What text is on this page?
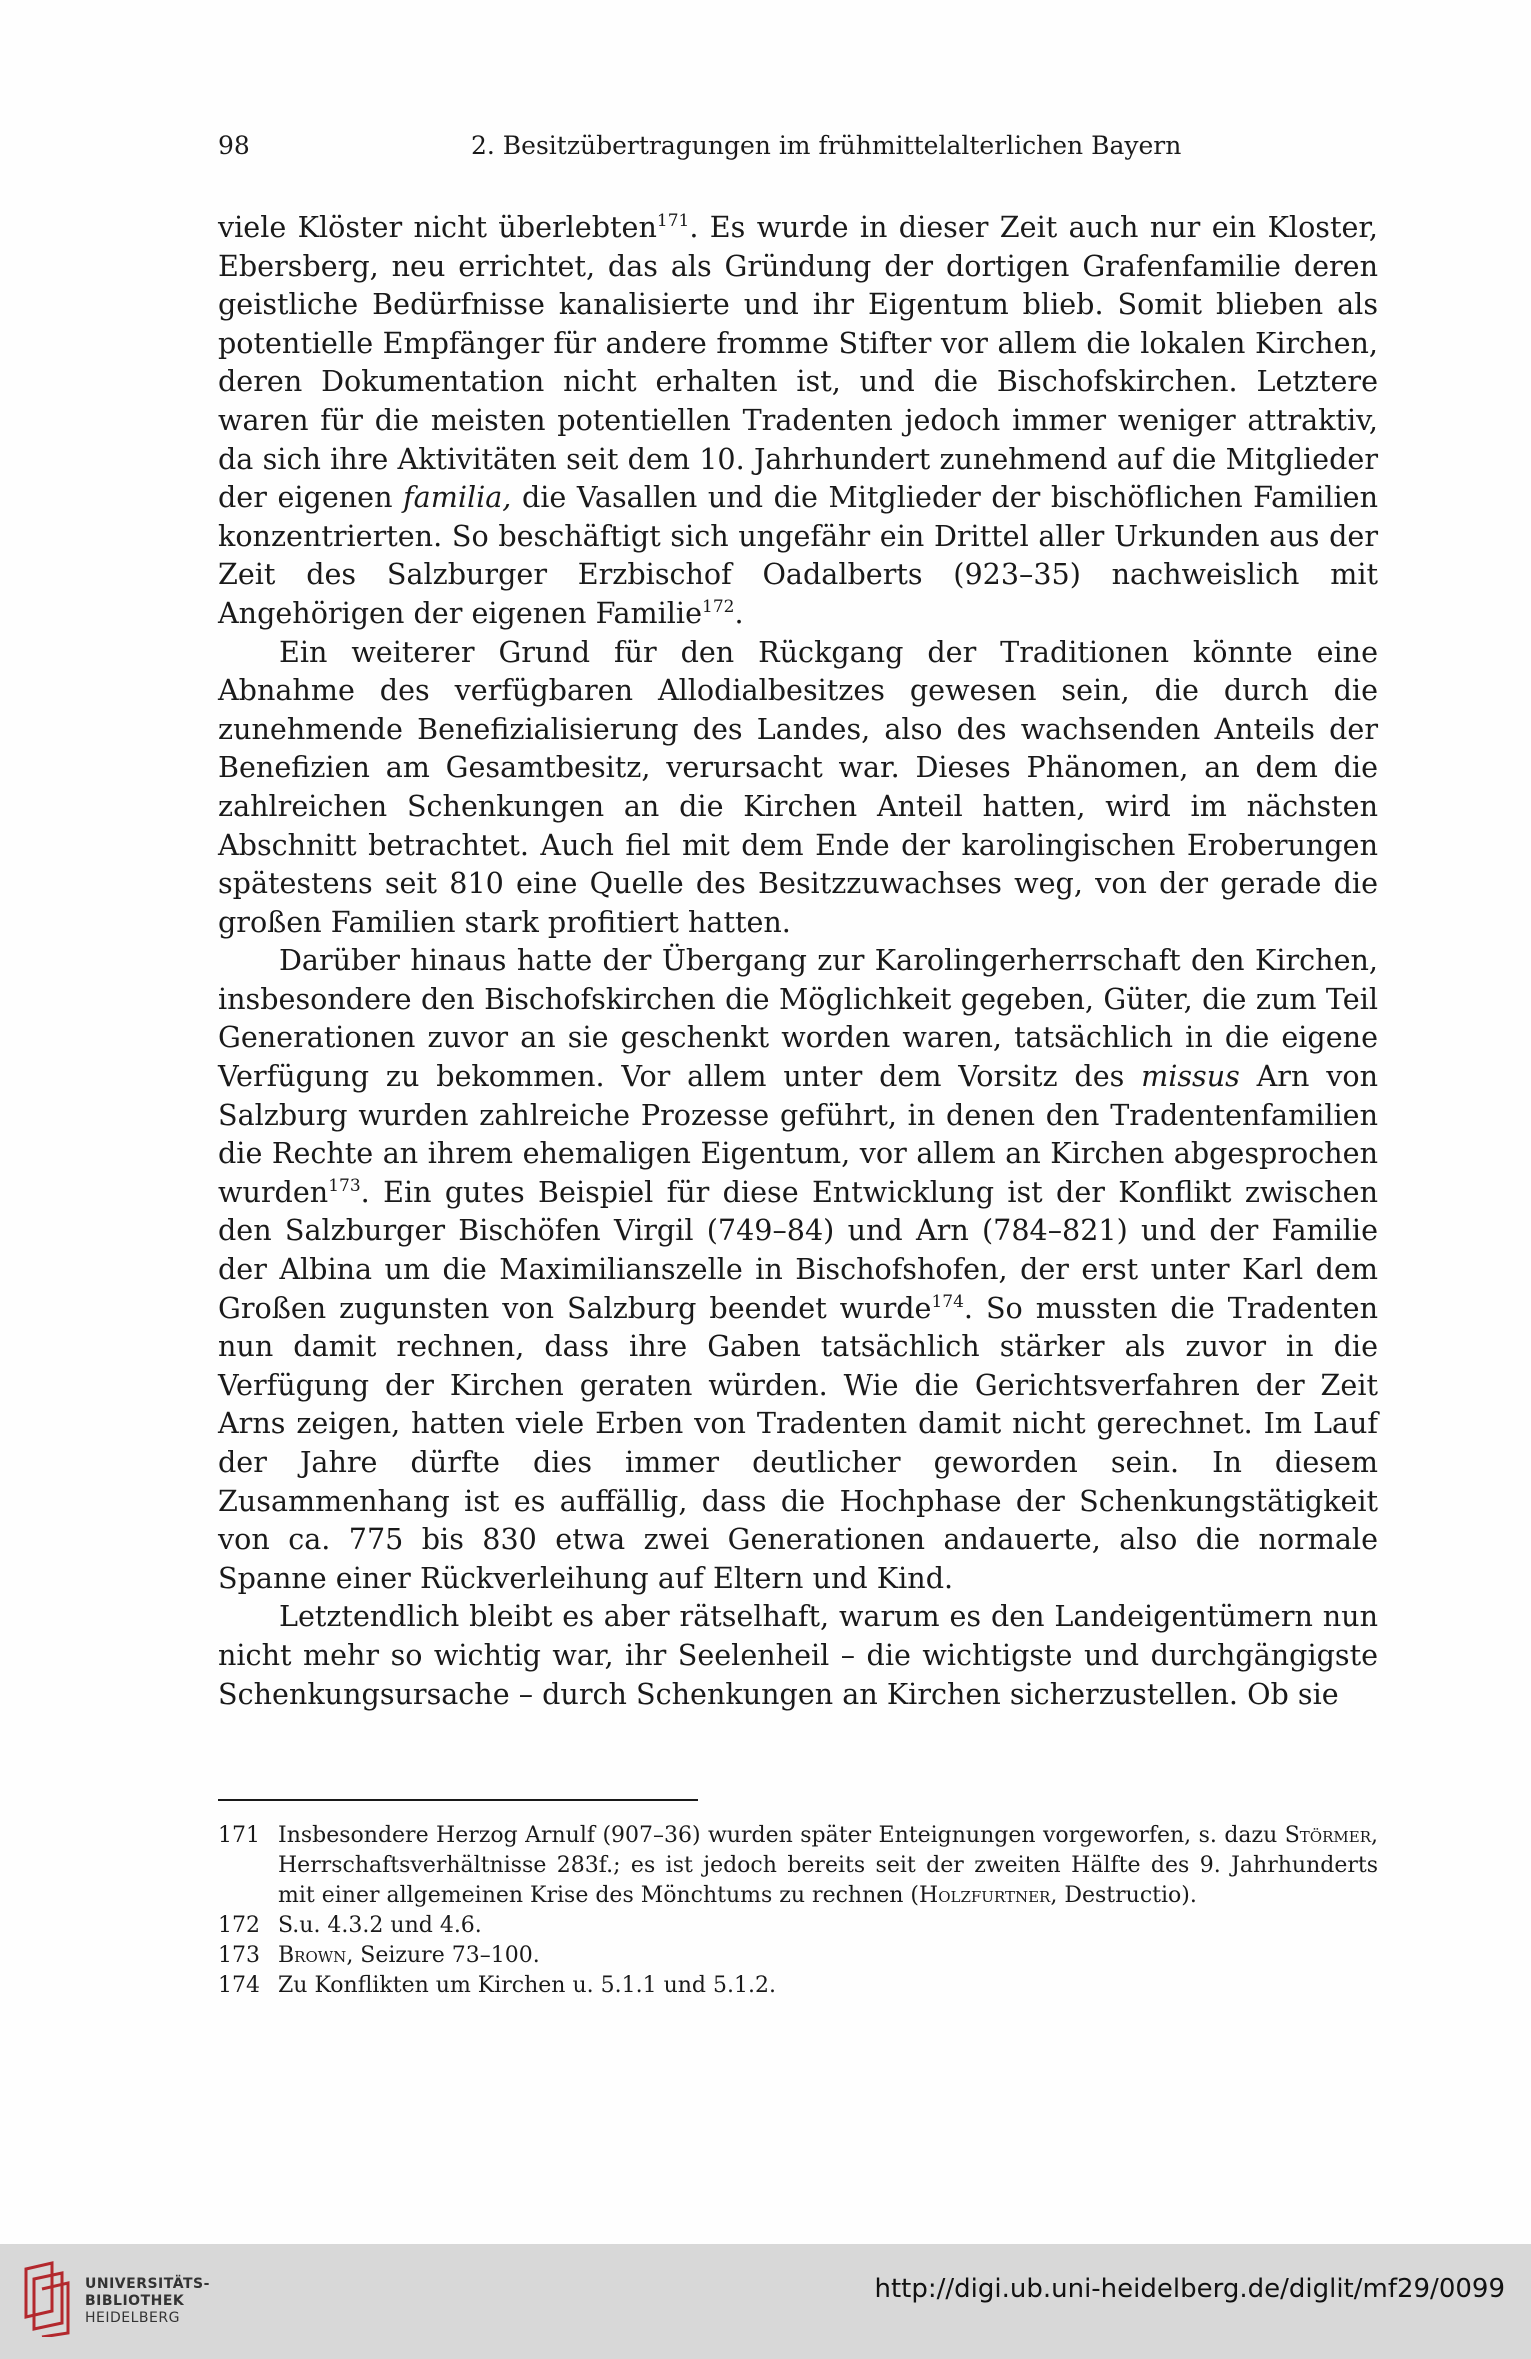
98	2. Besitzübertragungen im frühmittelalterlichen Bayern

viele Klöster nicht überlebten$^{171}$. Es wurde in dieser Zeit auch nur ein Kloster, Ebersberg, neu errichtet, das als Gründung der dortigen Grafenfamilie deren geistliche Bedürfnisse kanalisierte und ihr Eigentum blieb. Somit blieben als potentielle Empfänger für andere fromme Stifter vor allem die lokalen Kirchen, deren Dokumentation nicht erhalten ist, und die Bischofskirchen. Letztere waren für die meisten potentiellen Tradenten jedoch immer weniger attraktiv, da sich ihre Aktivitäten seit dem 10. Jahrhundert zunehmend auf die Mitglieder der eigenen familia, die Vasallen und die Mitglieder der bischöflichen Familien konzentrierten. So beschäftigt sich ungefähr ein Drittel aller Urkunden aus der Zeit des Salzburger Erzbischof Oadalberts (923–35) nachweislich mit Angehörigen der eigenen Familie$^{172}$.

Ein weiterer Grund für den Rückgang der Traditionen könnte eine Abnahme des verfügbaren Allodialbesitzes gewesen sein, die durch die zunehmende Benefizialisierung des Landes, also des wachsenden Anteils der Benefizien am Gesamtbesitz, verursacht war. Dieses Phänomen, an dem die zahlreichen Schenkungen an die Kirchen Anteil hatten, wird im nächsten Abschnitt betrachtet. Auch fiel mit dem Ende der karolingischen Eroberungen spätestens seit 810 eine Quelle des Besitzzuwachses weg, von der gerade die großen Familien stark profitiert hatten.

Darüber hinaus hatte der Übergang zur Karolingerherrschaft den Kirchen, insbesondere den Bischofskirchen die Möglichkeit gegeben, Güter, die zum Teil Generationen zuvor an sie geschenkt worden waren, tatsächlich in die eigene Verfügung zu bekommen. Vor allem unter dem Vorsitz des missus Arn von Salzburg wurden zahlreiche Prozesse geführt, in denen den Tradentenfamilien die Rechte an ihrem ehemaligen Eigentum, vor allem an Kirchen abgesprochen wurden$^{173}$. Ein gutes Beispiel für diese Entwicklung ist der Konflikt zwischen den Salzburger Bischöfen Virgil (749–84) und Arn (784–821) und der Familie der Albina um die Maximilianszelle in Bischofshofen, der erst unter Karl dem Großen zugunsten von Salzburg beendet wurde$^{174}$. So mussten die Tradenten nun damit rechnen, dass ihre Gaben tatsächlich stärker als zuvor in die Verfügung der Kirchen geraten würden. Wie die Gerichtsverfahren der Zeit Arns zeigen, hatten viele Erben von Tradenten damit nicht gerechnet. Im Lauf der Jahre dürfte dies immer deutlicher geworden sein. In diesem Zusammenhang ist es auffällig, dass die Hochphase der Schenkungstätigkeit von ca. 775 bis 830 etwa zwei Generationen andauerte, also die normale Spanne einer Rückverleihung auf Eltern und Kind.

Letztendlich bleibt es aber rätselhaft, warum es den Landeigentümern nun nicht mehr so wichtig war, ihr Seelenheil – die wichtigste und durchgängigste Schenkungsursache – durch Schenkungen an Kirchen sicherzustellen. Ob sie

171 Insbesondere Herzog Arnulf (907–36) wurden später Enteignungen vorgeworfen, s. dazu Störmer, Herrschaftsverhältnisse 283f.; es ist jedoch bereits seit der zweiten Hälfte des 9. Jahrhunderts mit einer allgemeinen Krise des Mönchtums zu rechnen (Holzfurtner, Destructio).
172 S.u. 4.3.2 und 4.6.
173 Brown, Seizure 73–100.
174 Zu Konflikten um Kirchen u. 5.1.1 und 5.1.2.
UNIVERSITÄTS-
BIBLIOTHEK
HEIDELBERG
http://digi.ub.uni-heidelberg.de/diglit/mf29/0099
